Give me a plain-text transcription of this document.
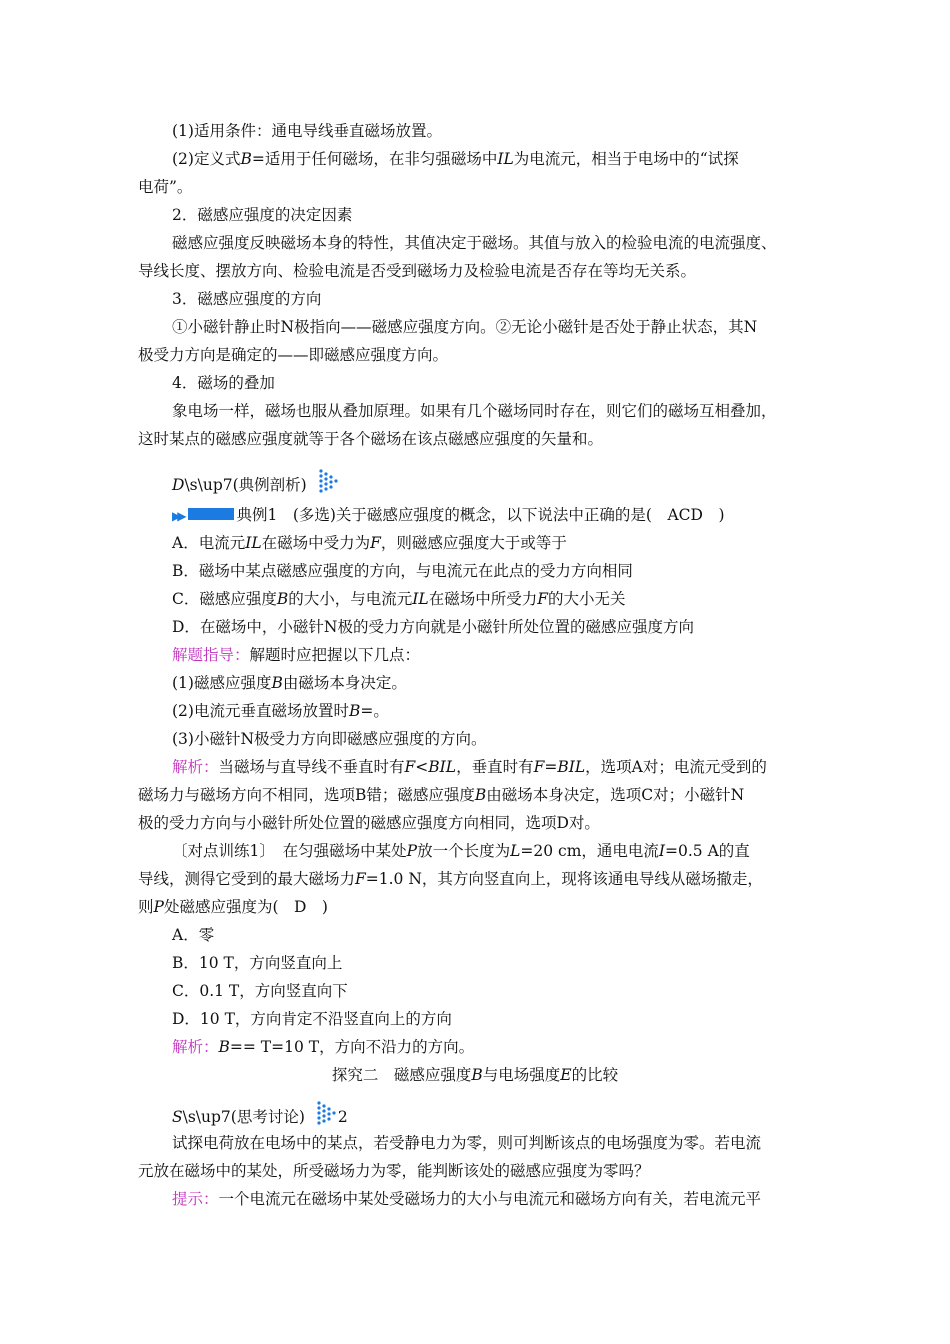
(1)适用条件：通电导线垂直磁场放置。
(2)定义式B=适用于任何磁场，在非匀强磁场中IL为电流元，相当于电场中的“试探
电荷”。
2．磁感应强度的决定因素
磁感应强度反映磁场本身的特性，其值决定于磁场。其值与放入的检验电流的电流强度、
导线长度、摆放方向、检验电流是否受到磁场力及检验电流是否存在等均无关系。
3．磁感应强度的方向
①小磁针静止时N极指向——磁感应强度方向。②无论小磁针是否处于静止状态，其N
极受力方向是确定的——即磁感应强度方向。
4．磁场的叠加
象电场一样，磁场也服从叠加原理。如果有几个磁场同时存在，则它们的磁场互相叠加，
这时某点的磁感应强度就等于各个磁场在该点磁感应强度的矢量和。
D\s\up7(典例剖析)
▶▶	典例1　(多选)关于磁感应强度的概念，以下说法中正确的是(　ACD　)
A．电流元IL在磁场中受力为F，则磁感应强度大于或等于
B．磁场中某点磁感应强度的方向，与电流元在此点的受力方向相同
C．磁感应强度B的大小，与电流元IL在磁场中所受力F的大小无关
D．在磁场中，小磁针N极的受力方向就是小磁针所处位置的磁感应强度方向
解题指导：解题时应把握以下几点：
(1)磁感应强度B由磁场本身决定。
(2)电流元垂直磁场放置时B=。
(3)小磁针N极受力方向即磁感应强度的方向。
解析：当磁场与直导线不垂直时有F<BIL，垂直时有F=BIL，选项A对；电流元受到的
磁场力与磁场方向不相同，选项B错；磁感应强度B由磁场本身决定，选项C对；小磁针N
极的受力方向与小磁针所处位置的磁感应强度方向相同，选项D对。
〔对点训练1〕　在匀强磁场中某处P放一个长度为L=20 cm，通电电流I=0.5 A的直
导线，测得它受到的最大磁场力F=1.0 N，其方向竖直向上，现将该通电导线从磁场撤走，
则P处磁感应强度为(　D　)
A．零
B．10 T，方向竖直向上
C．0.1 T，方向竖直向下
D．10 T，方向肯定不沿竖直向上的方向
解析：B== T=10 T，方向不沿力的方向。
探究二　磁感应强度B与电场强度E的比较
S\s\up7(思考讨论) 2
试探电荷放在电场中的某点，若受静电力为零，则可判断该点的电场强度为零。若电流
元放在磁场中的某处，所受磁场力为零，能判断该处的磁感应强度为零吗？
提示：一个电流元在磁场中某处受磁场力的大小与电流元和磁场方向有关，若电流元平
